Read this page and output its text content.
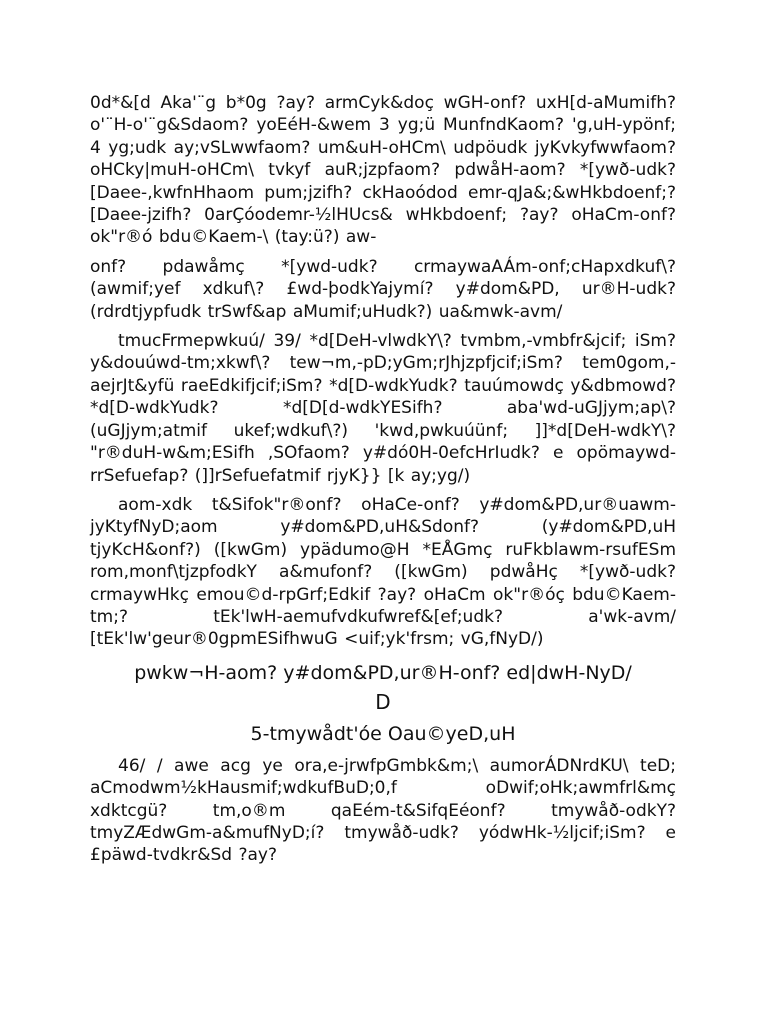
0d*&[d Aka'¨g b*0g ?ay? armCyk&doç wGH-onf? uxH[d-aMumifh? o'¨H-o'¨g&Sdaom? yoEéH-&wem 3 yg;ü MunfndKaom? 'g,uH-ypönf; 4 yg;udk ay;vSLwwfaom? um&uH-oHCm\ udpöudk jyKvkyfwwfaom? oHCky|muH-oHCm\ tvkyf auR;jzpfaom? pdwåH-aom? *[ywð-udk? [Daee-,kwfnHhaom pum;jzifh? ckHaoódod emr-qJa&;&wHkbdoenf;? [Daee-jzifh? 0arÇóodemr-½lHUcs& wHkbdoenf; ?ay? oHaCm-onf? ok"r®ó bdu©Kaem-\ (tay:ü?) aw-

onf? pdawåmç *[ywd-udk? crmaywaAÁm-onf;cHapxdkuf\? (awmif;yef xdkuf\? £wd-þodkYajymí? y#dom&PD, ur®H-udk? (rdrdtjypfudk trSwf&ap aMumif;uHudk?) ua&mwk-avm/

tmucFrmepwkuú/ 39/ *d[DeH-vlwdkY\? tvmbm,-vmbfr&jcif; iSm? y&douúwd-tm;xkwf\? tew¬m,-pD;yGm;rJhjzpfjcif;iSm? tem0gom,-aejrJt&yfü raeEdkifjcif;iSm? *d[D-wdkYudk? tauúmowdç y&dbmowd? *d[D-wdkYudk? *d[D[d-wdkYESifh? aba'wd-uGJjym;ap\? (uGJjym;atmif ukef;wdkuf\?) 'kwd,pwkuúünf; ]]*d[DeH-wdkY\? "r®duH-w&m;ESifh ,SOfaom? y#dó0H-0efcHrIudk? e opömaywd-rrSefuefap? (]]rSefuefatmif rjyK}} [k ay;yg/)

aom-xdk t&Sifok"r®onf? oHaCe-onf? y#dom&PD,ur®uawm- jyKtyfNyD;aom y#dom&PD,uH&Sdonf? (y#dom&PD,uH tjyKcH&onf?) ([kwGm) ypädumo@H *EÅGmç ruFkblawm-rsufESm rom,monf\tjzpfodkY a&mufonf? ([kwGm) pdwåHç *[ywð-udk? crmaywHkç emou©d-rpGrf;Edkif ?ay? oHaCm ok"r®óç bdu©Kaem-tm;? tEk'lwH-aemufvdkufwref&[ef;udk? a'wk-avm/ [tEk'lw'geur®0gpmESifhwuG <uif;yk'frsm; vG,fNyD/)

pwkw¬H-aom? y#dom&PD,ur®H-onf? ed|dwH-NyD/

D

5-tmywådt'óe Oau©yeD,uH

46/ / awe acg ye ora,e-jrwfpGmbk&m;\ aumorÁDNrdKU\ teD; aCmodwm½kHausmif;wdkufBuD;0,f oDwif;oHk;awmfrl&mç xdktcgü? tm,o®m qaEém-t&SifqEéonf? tmywåð-odkY? tmyZÆdwGm-a&mufNyD;í? tmywåð-udk? yódwHk-½ljcif;iSm? e £päwd-tvdkr&Sd ?ay?
